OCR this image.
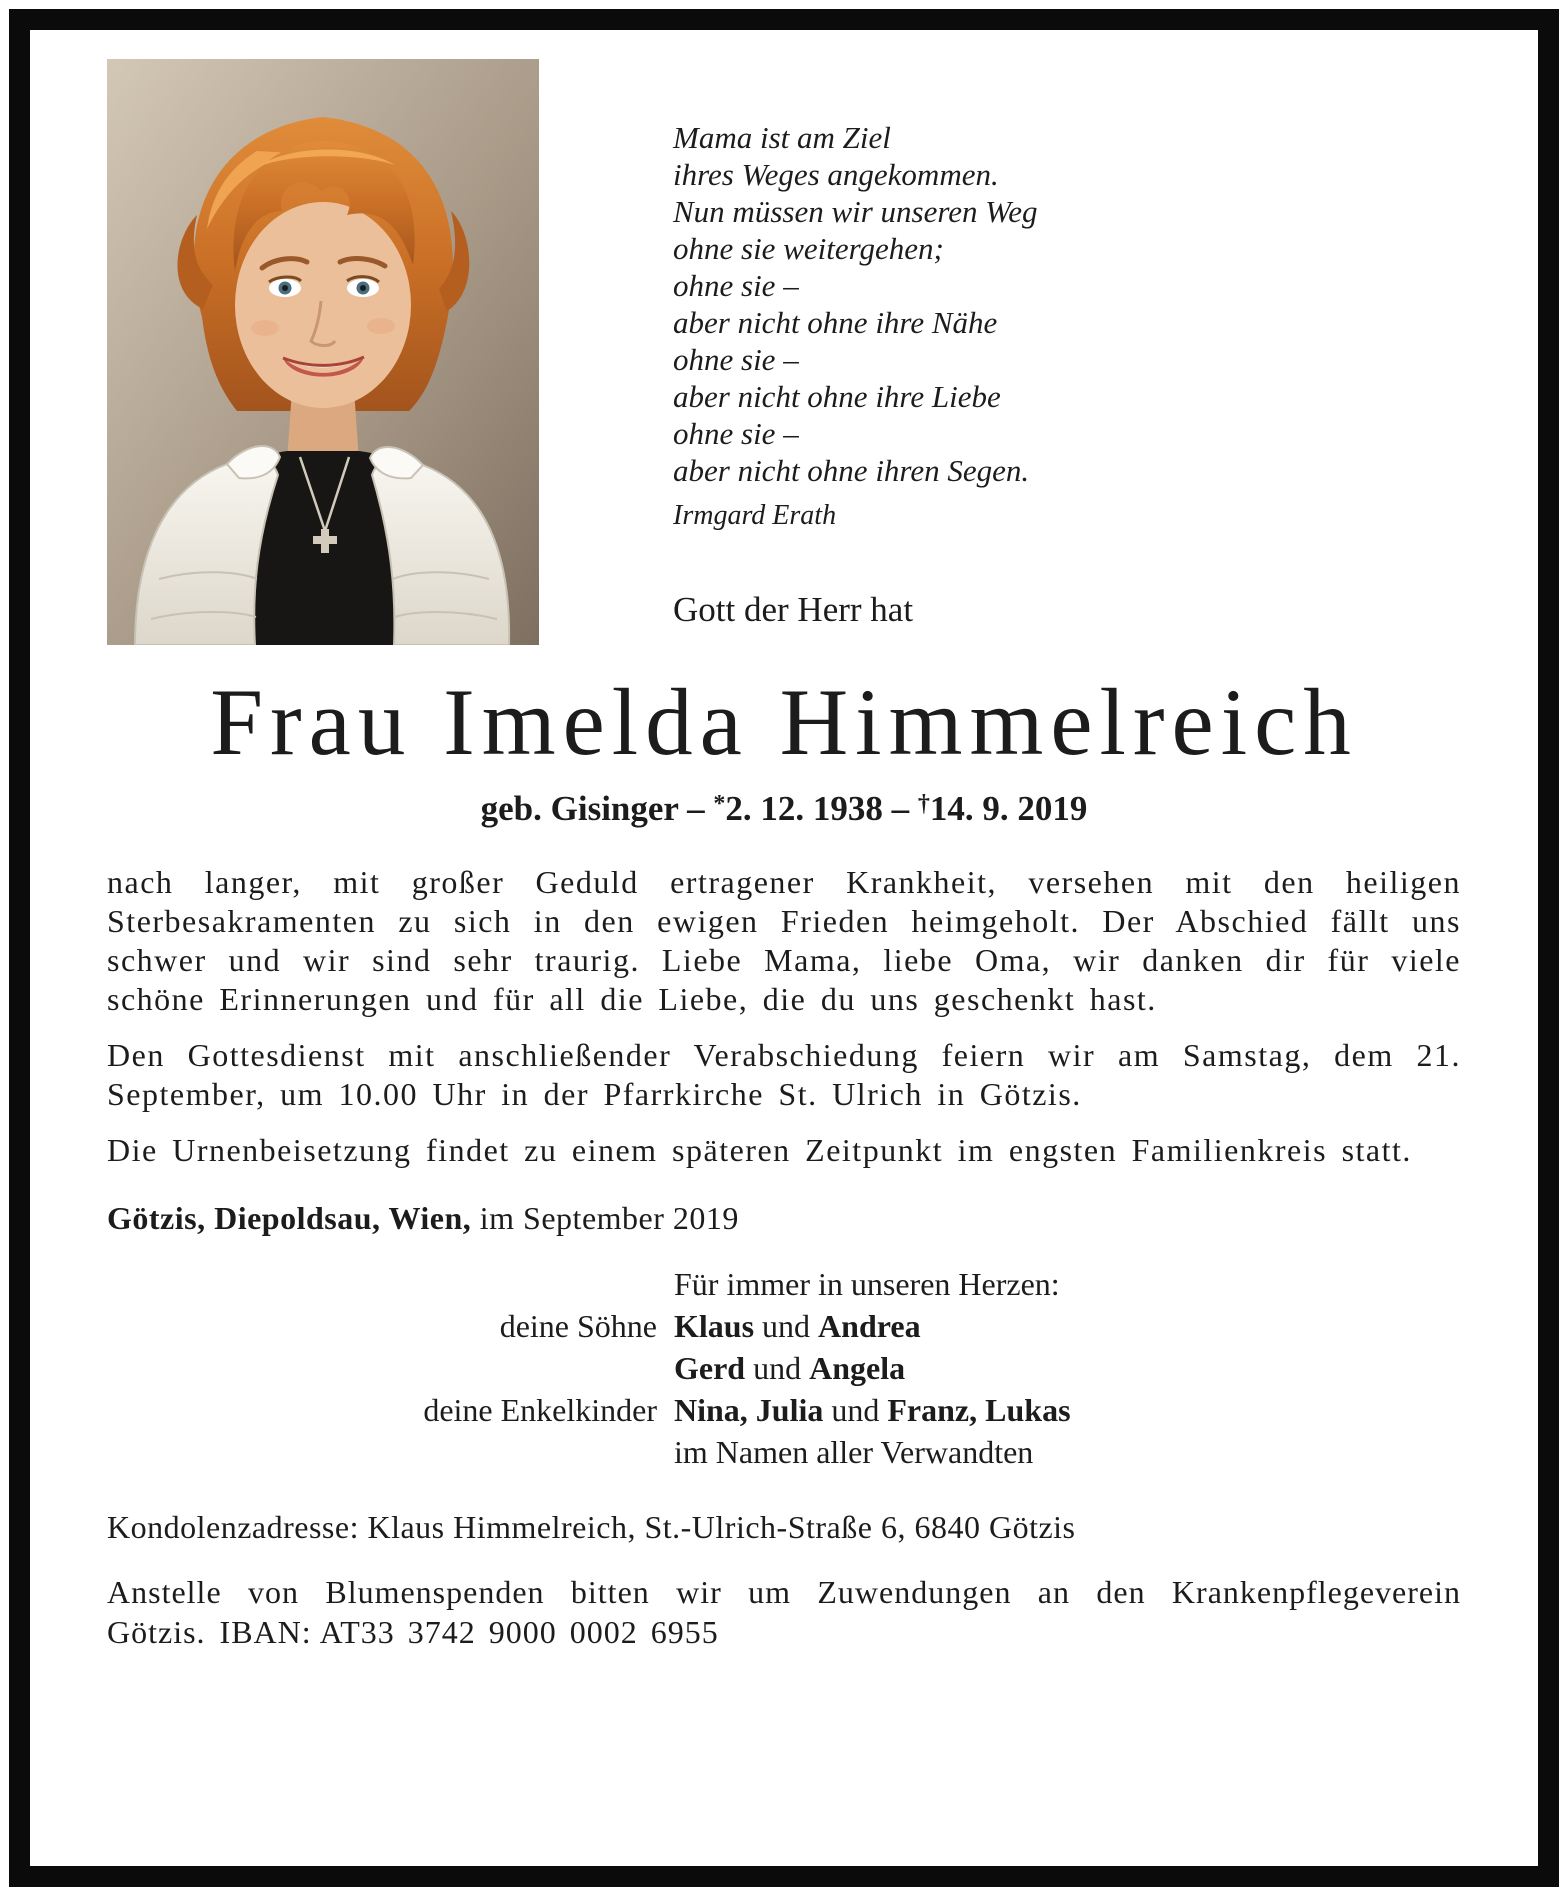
Mama ist am Ziel
ihres Weges angekommen.
Nun müssen wir unseren Weg
ohne sie weitergehen;
ohne sie –
aber nicht ohne ihre Nähe
ohne sie –
aber nicht ohne ihre Liebe
ohne sie –
aber nicht ohne ihren Segen.
Irmgard Erath
Gott der Herr hat
Frau Imelda Himmelreich
geb. Gisinger – *2. 12. 1938 – †14. 9. 2019

nach langer, mit großer Geduld ertragener Krankheit, versehen mit den heiligen Sterbesakramenten zu sich in den ewigen Frieden heimgeholt. Der Abschied fällt uns schwer und wir sind sehr traurig. Liebe Mama, liebe Oma, wir danken dir für viele schöne Erinnerungen und für all die Liebe, die du uns geschenkt hast.

Den Gottesdienst mit anschließender Verabschiedung feiern wir am Samstag, dem 21. September, um 10.00 Uhr in der Pfarrkirche St. Ulrich in Götzis.

Die Urnenbeisetzung findet zu einem späteren Zeitpunkt im engsten Familienkreis statt.

Götzis, Diepoldsau, Wien, im September 2019
Für immer in unseren Herzen:
deine Söhne Klaus und Andrea
Gerd und Angela
deine Enkelkinder Nina, Julia und Franz, Lukas
im Namen aller Verwandten
Kondolenzadresse: Klaus Himmelreich, St.-Ulrich-Straße 6, 6840 Götzis
Anstelle von Blumenspenden bitten wir um Zuwendungen an den Krankenpflegeverein Götzis. IBAN: AT33 3742 9000 0002 6955
